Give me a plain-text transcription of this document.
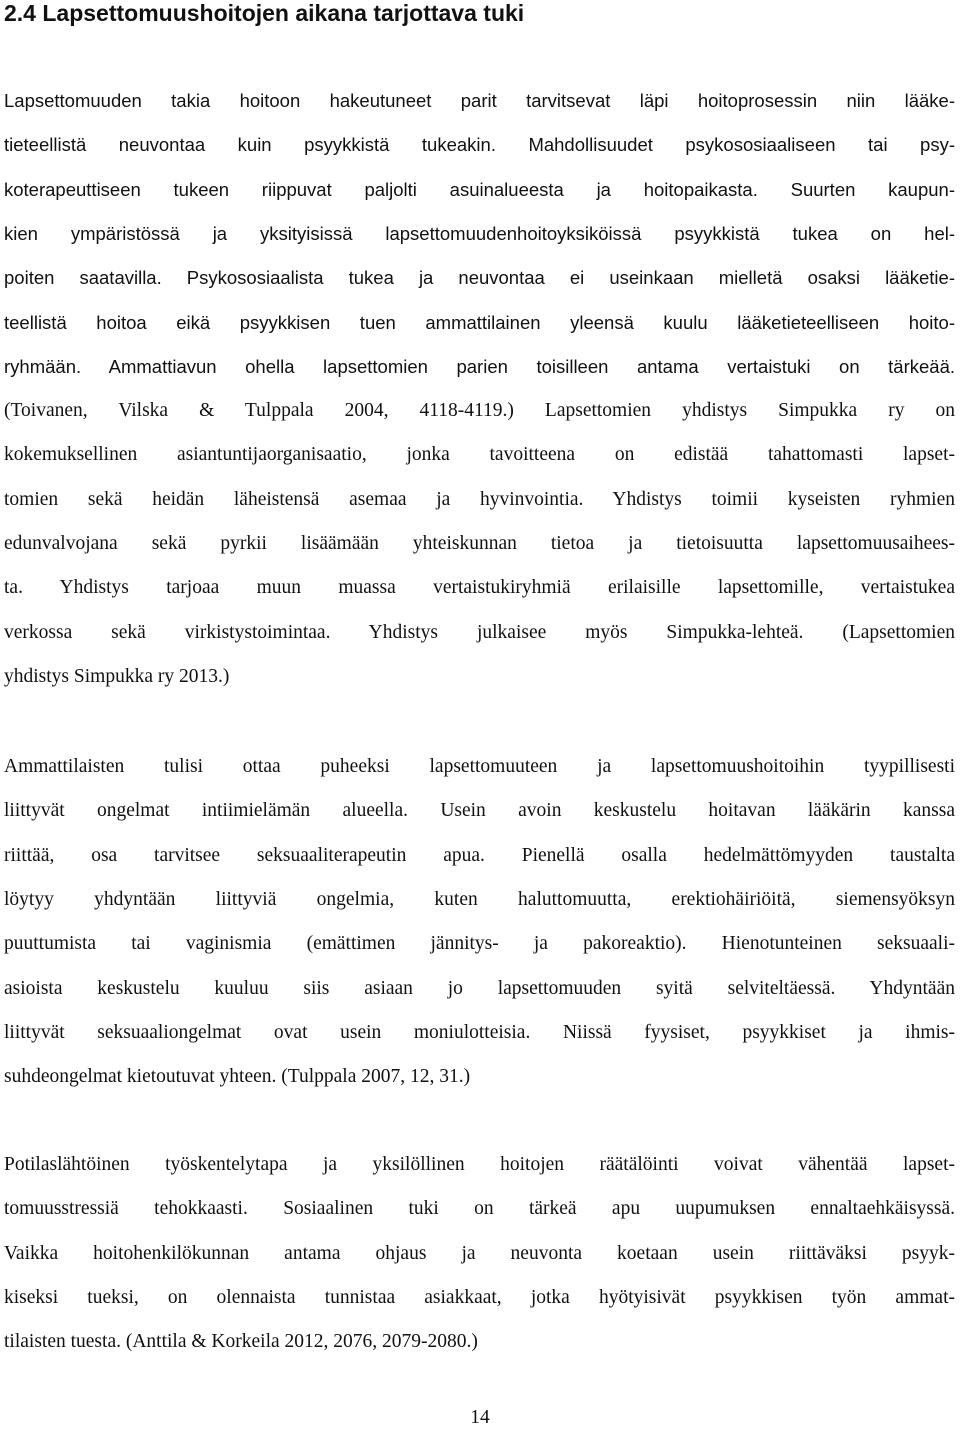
2.4 Lapsettomuushoitojen aikana tarjottava tuki
Lapsettomuuden takia hoitoon hakeutuneet parit tarvitsevat läpi hoitoprosessin niin lääke-
tieteellistä neuvontaa kuin psyykkistä tukeakin. Mahdollisuudet psykososiaaliseen tai psy-
koterapeuttiseen tukeen riippuvat paljolti asuinalueesta ja hoitopaikasta. Suurten kaupun-
kien ympäristössä ja yksityisissä lapsettomuudenhoitoyksiköissä psyykkistä tukea on hel-
poiten saatavilla. Psykososiaalista tukea ja neuvontaa ei useinkaan mielletä osaksi lääketie-
teellistä hoitoa eikä psyykkisen tuen ammattilainen yleensä kuulu lääketieteelliseen hoito-
ryhmään. Ammattiavun ohella lapsettomien parien toisilleen antama vertaistuki on tärkeää.
(Toivanen, Vilska & Tulppala 2004, 4118-4119.) Lapsettomien yhdistys Simpukka ry on
kokemuksellinen asiantuntijaorganisaatio, jonka tavoitteena on edistää tahattomasti lapset-
tomien sekä heidän läheistensä asemaa ja hyvinvointia. Yhdistys toimii kyseisten ryhmien
edunvalvojana sekä pyrkii lisäämään yhteiskunnan tietoa ja tietoisuutta lapsettomuusaihees-
ta. Yhdistys tarjoaa muun muassa vertaistukiryhmiä erilaisille lapsettomille, vertaistukea
verkossa sekä virkistystoimintaa. Yhdistys julkaisee myös Simpukka-lehteä. (Lapsettomien
yhdistys Simpukka ry 2013.)
Ammattilaisten tulisi ottaa puheeksi lapsettomuuteen ja lapsettomuushoitoihin tyypillisesti
liittyvät ongelmat intiimielämän alueella. Usein avoin keskustelu hoitavan lääkärin kanssa
riittää, osa tarvitsee seksuaaliterapeutin apua. Pienellä osalla hedelmättömyyden taustalta
löytyy yhdyntään liittyviä ongelmia, kuten haluttomuutta, erektiohäiriöitä, siemensyöksyn
puuttumista tai vaginismia (emättimen jännitys- ja pakoreaktio). Hienotunteinen seksuaali-
asioista keskustelu kuuluu siis asiaan jo lapsettomuuden syitä selviteltäessä. Yhdyntään
liittyvät seksuaaliongelmat ovat usein moniulotteisia. Niissä fyysiset, psyykkiset ja ihmis-
suhdeongelmat kietoutuvat yhteen. (Tulppala 2007, 12, 31.)
Potilaslähtöinen työskentelytapa ja yksilöllinen hoitojen räätälöinti voivat vähentää lapset-
tomuusstressiä tehokkaasti. Sosiaalinen tuki on tärkeä apu uupumuksen ennaltaehkäisyssä.
Vaikka hoitohenkilökunnan antama ohjaus ja neuvonta koetaan usein riittäväksi psyyk-
kiseksi tueksi, on olennaista tunnistaa asiakkaat, jotka hyötyisivät psyykkisen työn ammat-
tilaisten tuesta. (Anttila & Korkeila 2012, 2076, 2079-2080.)
14
